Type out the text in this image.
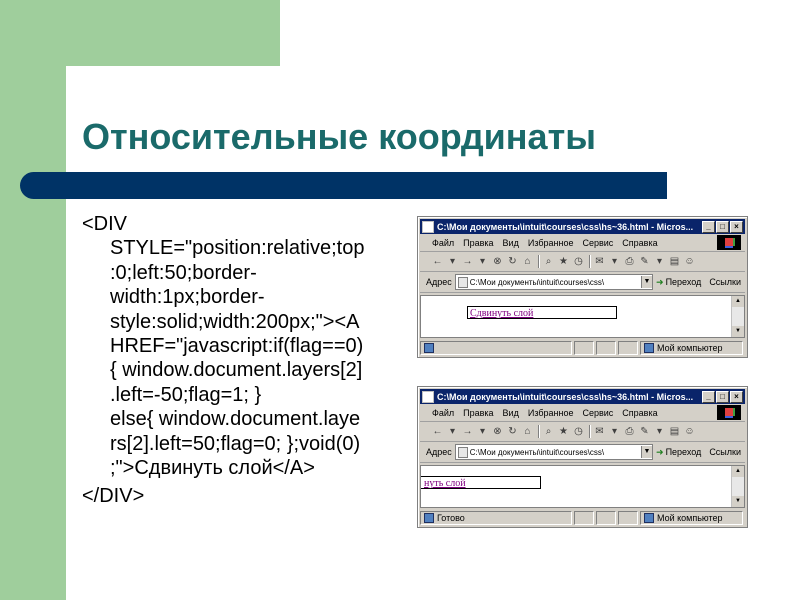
Относительные координаты
<DIV
STYLE="position:relative;top
:0;left:50;border-
width:1px;border-
style:solid;width:200px;"><A
HREF="javascript:if(flag==0)
{ window.document.layers[2]
.left=-50;flag=1; }
else{ window.document.laye
rs[2].left=50;flag=0; };void(0)
;">Сдвинуть слой</A>
</DIV>
C:\Мои документы\intuit\courses\css\hs~36.html - Micros...	_	□	×
Файл Правка Вид Избранное Сервис Справка
← ▾ → ▾ ⊗ ↻ ⌂ ⌕ ★ ◷ ✉ ▾ ⎙ ✎ ▾ ▤ ☺
Адрес C:\Мои документы\intuit\courses\css\	▼ ➜ Переход Ссылки
Сдвинуть слой
▲
▼
Мой компьютер
C:\Мои документы\intuit\courses\css\hs~36.html - Micros...	_	□	×
Файл Правка Вид Избранное Сервис Справка
← ▾ → ▾ ⊗ ↻ ⌂ ⌕ ★ ◷ ✉ ▾ ⎙ ✎ ▾ ▤ ☺
Адрес C:\Мои документы\intuit\courses\css\	▼ ➜ Переход Ссылки
нуть слой
▲
▼
Готово	Мой компьютер
